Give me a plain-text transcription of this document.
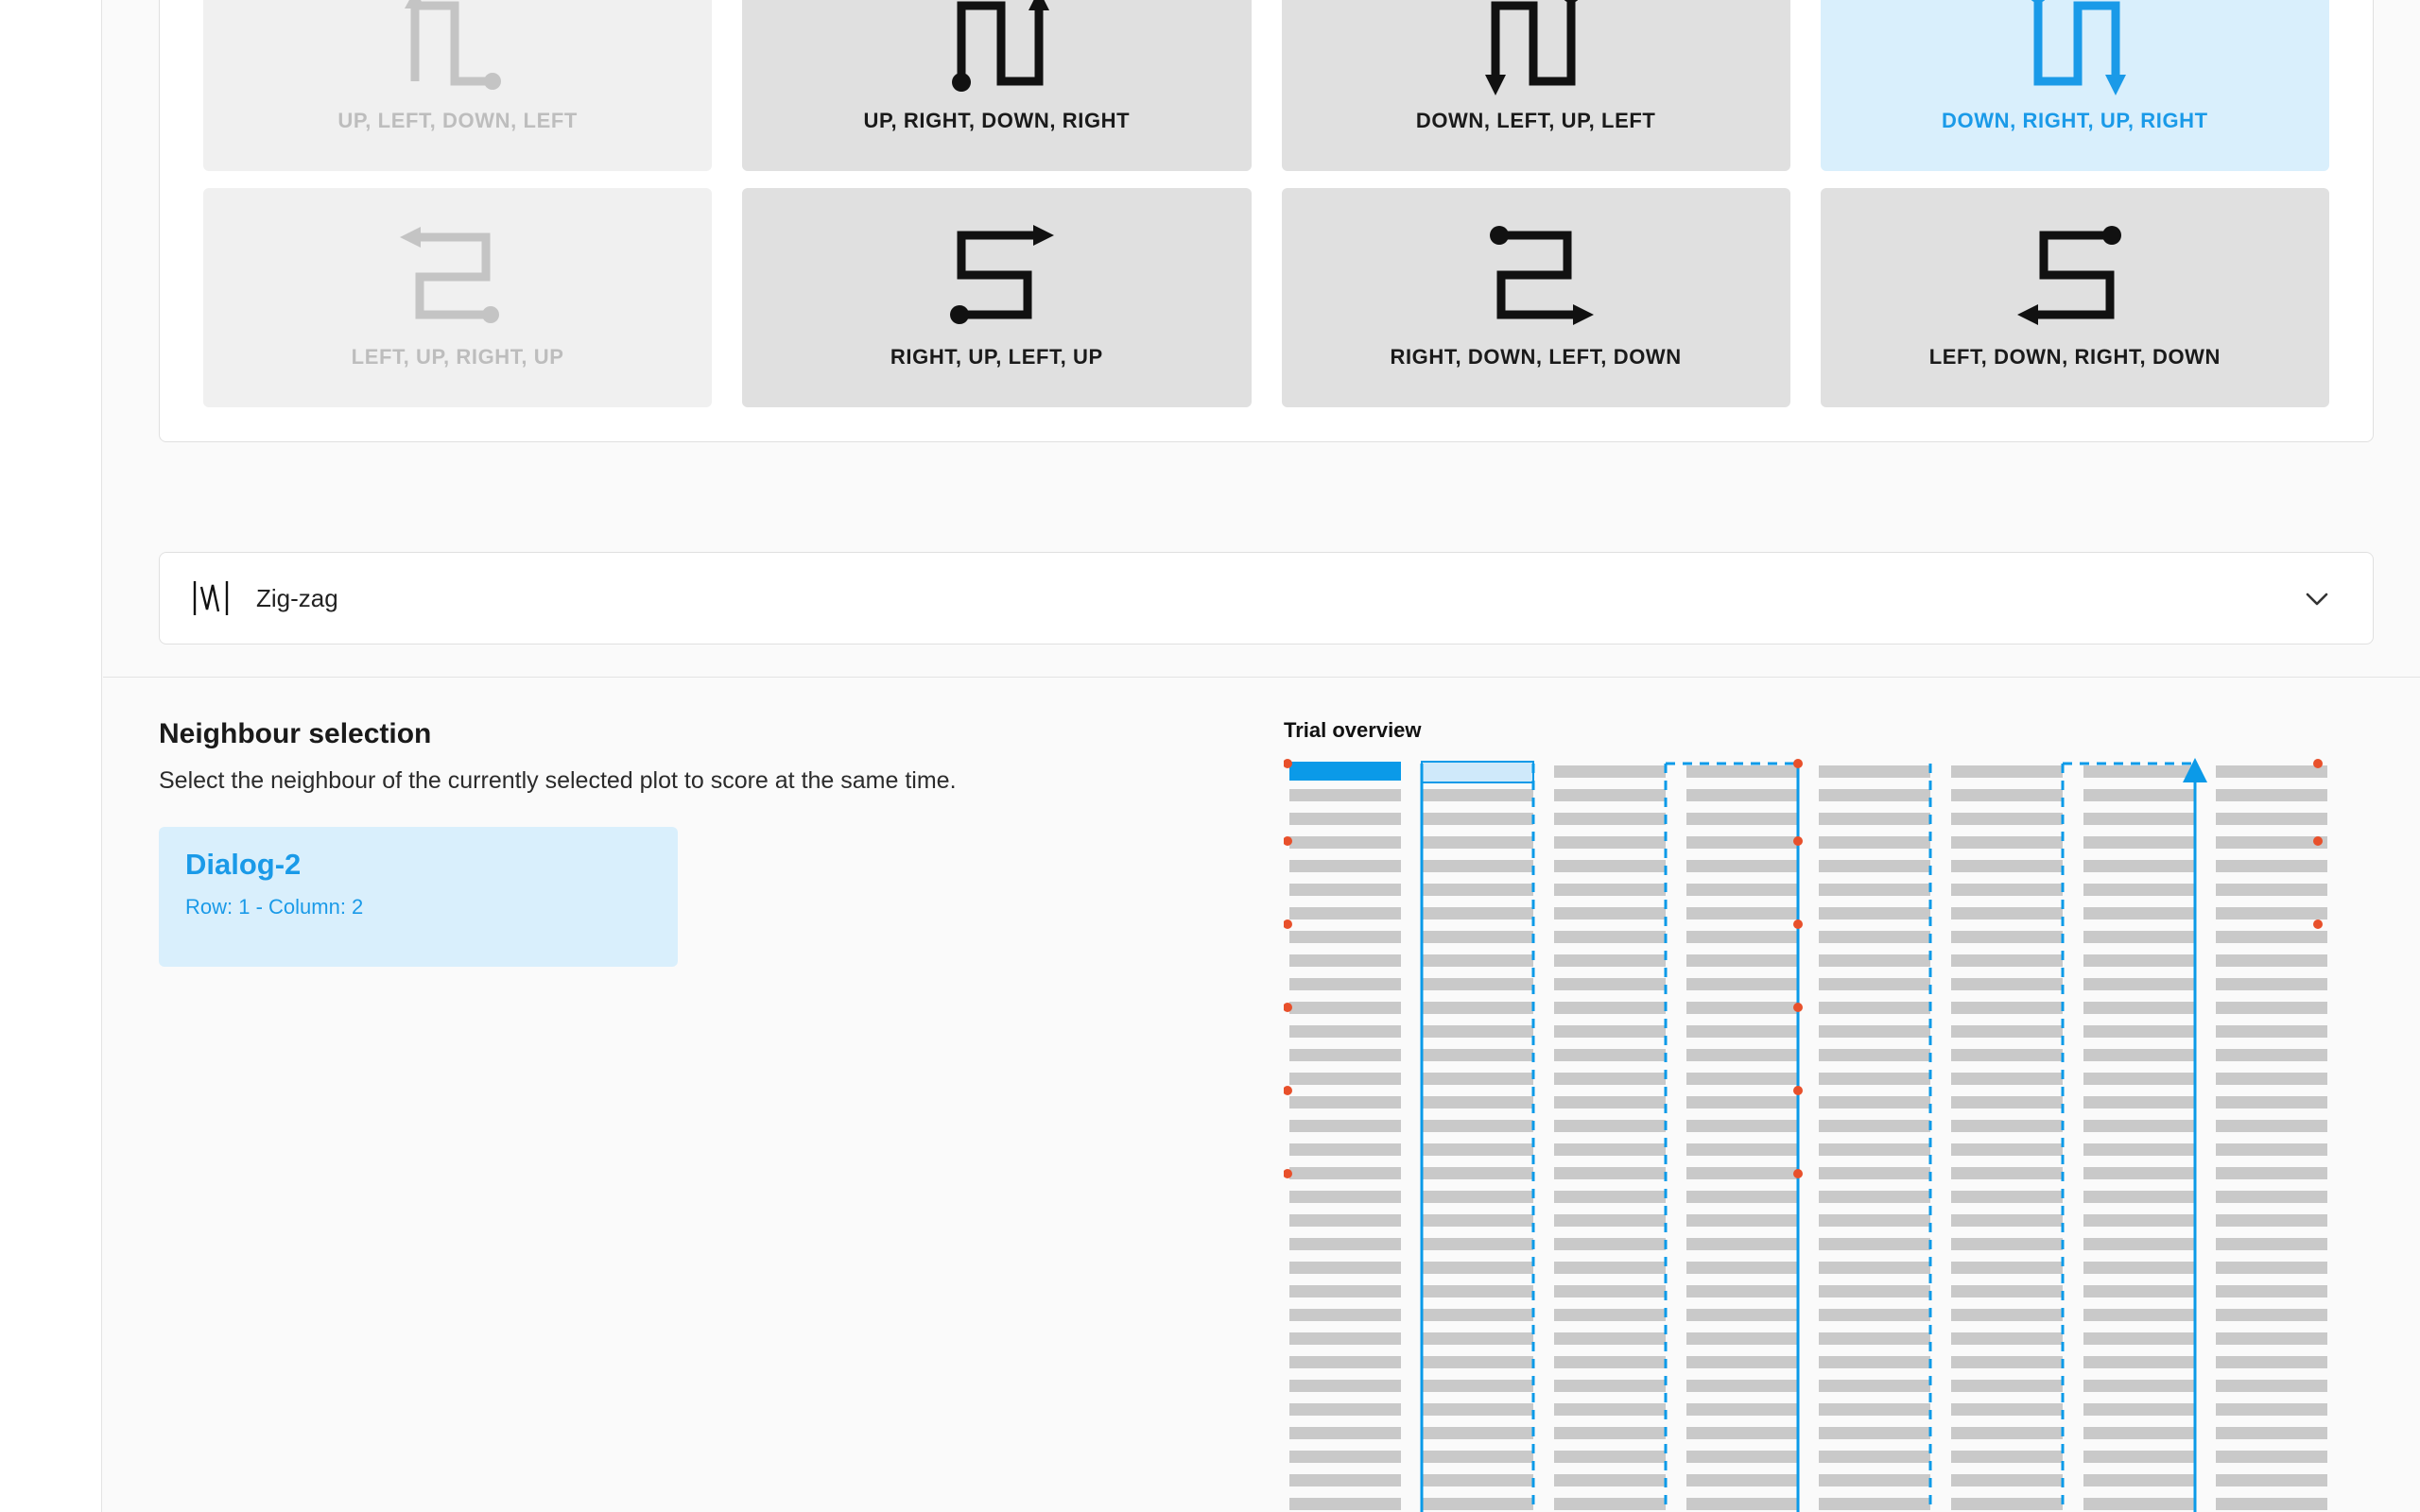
UP, LEFT, DOWN, LEFT	UP, RIGHT, DOWN, RIGHT	DOWN, LEFT, UP, LEFT	DOWN, RIGHT, UP, RIGHT
LEFT, UP, RIGHT, UP	RIGHT, UP, LEFT, UP	RIGHT, DOWN, LEFT, DOWN	LEFT, DOWN, RIGHT, DOWN
Zig-zag
Neighbour selection

Select the neighbour of the currently selected plot to score at the same time.

Dialog-2
Row: 1 - Column: 2
Trial overview
